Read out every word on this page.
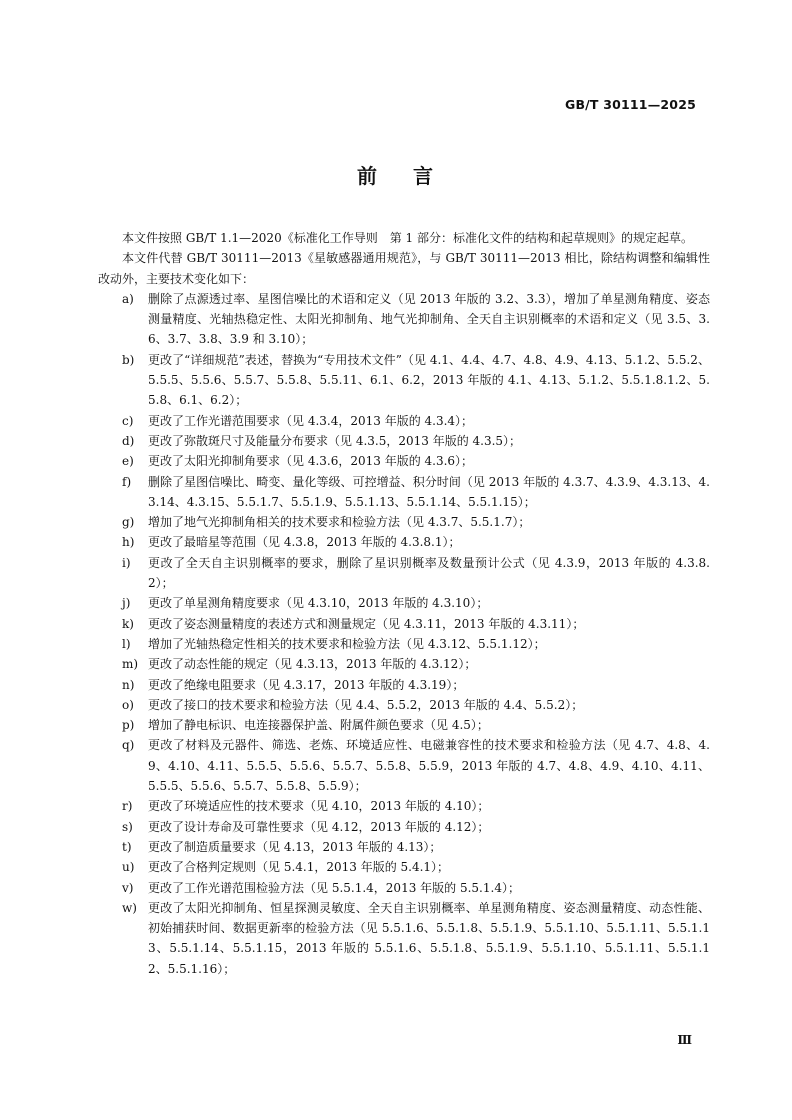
GB/T 30111—2025
前 言

本文件按照 GB/T 1.1—2020《标准化工作导则　第 1 部分：标准化文件的结构和起草规则》的规定起草。

本文件代替 GB/T 30111—2013《星敏感器通用规范》，与 GB/T 30111—2013 相比，除结构调整和编辑性改动外，主要技术变化如下：

a)	删除了点源透过率、星图信噪比的术语和定义（见 2013 年版的 3.2、3.3），增加了单星测角精度、姿态测量精度、光轴热稳定性、太阳光抑制角、地气光抑制角、全天自主识别概率的术语和定义（见 3.5、3.6、3.7、3.8、3.9 和 3.10）；
b)	更改了“详细规范”表述，替换为“专用技术文件”（见 4.1、4.4、4.7、4.8、4.9、4.13、5.1.2、5.5.2、5.5.5、5.5.6、5.5.7、5.5.8、5.5.11、6.1、6.2，2013 年版的 4.1、4.13、5.1.2、5.5.1.8.1.2、5.5.8、6.1、6.2）；
c)	更改了工作光谱范围要求（见 4.3.4，2013 年版的 4.3.4）；
d)	更改了弥散斑尺寸及能量分布要求（见 4.3.5，2013 年版的 4.3.5）；
e)	更改了太阳光抑制角要求（见 4.3.6，2013 年版的 4.3.6）；
f)	删除了星图信噪比、畸变、量化等级、可控增益、积分时间（见 2013 年版的 4.3.7、4.3.9、4.3.13、4.3.14、4.3.15、5.5.1.7、5.5.1.9、5.5.1.13、5.5.1.14、5.5.1.15）；
g)	增加了地气光抑制角相关的技术要求和检验方法（见 4.3.7、5.5.1.7）；
h)	更改了最暗星等范围（见 4.3.8，2013 年版的 4.3.8.1）；
i)	更改了全天自主识别概率的要求，删除了星识别概率及数量预计公式（见 4.3.9，2013 年版的 4.3.8.2）；
j)	更改了单星测角精度要求（见 4.3.10，2013 年版的 4.3.10）；
k)	更改了姿态测量精度的表述方式和测量规定（见 4.3.11，2013 年版的 4.3.11）；
l)	增加了光轴热稳定性相关的技术要求和检验方法（见 4.3.12、5.5.1.12）；
m) 更改了动态性能的规定（见 4.3.13，2013 年版的 4.3.12）；
n)	更改了绝缘电阻要求（见 4.3.17，2013 年版的 4.3.19）；
o)	更改了接口的技术要求和检验方法（见 4.4、5.5.2，2013 年版的 4.4、5.5.2）；
p)	增加了静电标识、电连接器保护盖、附属件颜色要求（见 4.5）；
q)	更改了材料及元器件、筛选、老炼、环境适应性、电磁兼容性的技术要求和检验方法（见 4.7、4.8、4.9、4.10、4.11、5.5.5、5.5.6、5.5.7、5.5.8、5.5.9，2013 年版的 4.7、4.8、4.9、4.10、4.11、5.5.5、5.5.6、5.5.7、5.5.8、5.5.9）；
r)	更改了环境适应性的技术要求（见 4.10，2013 年版的 4.10）；
s)	更改了设计寿命及可靠性要求（见 4.12，2013 年版的 4.12）；
t)	更改了制造质量要求（见 4.13，2013 年版的 4.13）；
u)	更改了合格判定规则（见 5.4.1，2013 年版的 5.4.1）；
v)	更改了工作光谱范围检验方法（见 5.5.1.4，2013 年版的 5.5.1.4）；
w) 更改了太阳光抑制角、恒星探测灵敏度、全天自主识别概率、单星测角精度、姿态测量精度、动态性能、初始捕获时间、数据更新率的检验方法（见 5.5.1.6、5.5.1.8、5.5.1.9、5.5.1.10、5.5.1.11、5.5.1.13、5.5.1.14、5.5.1.15，2013 年版的 5.5.1.6、5.5.1.8、5.5.1.9、5.5.1.10、5.5.1.11、5.5.1.12、5.5.1.16）；
Ⅲ
